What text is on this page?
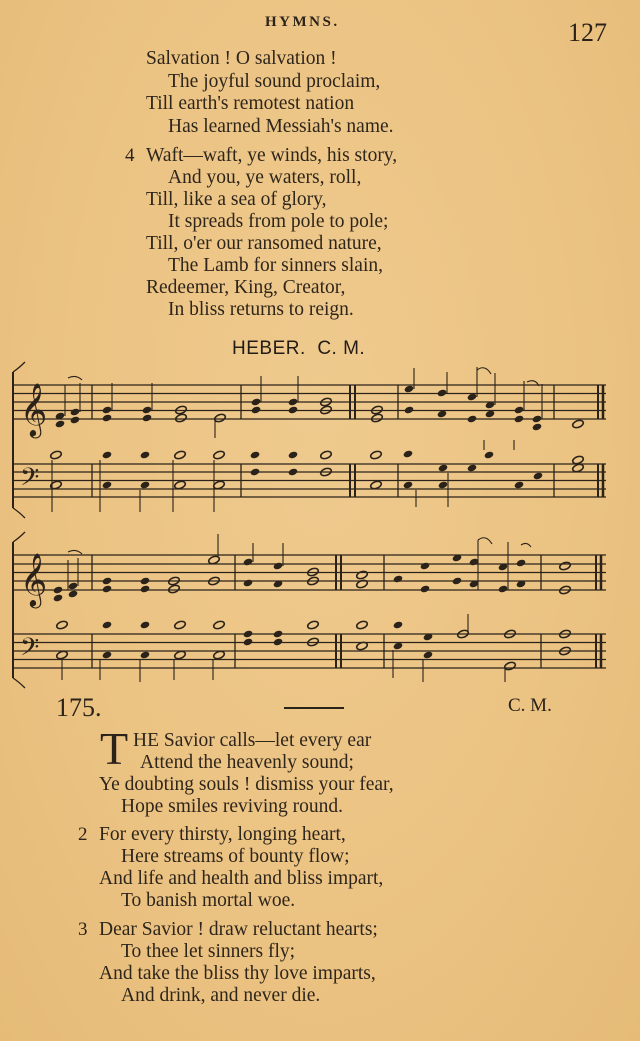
HYMNS.	127
Salvation ! O salvation !
The joyful sound proclaim,
Till earth's remotest nation
Has learned Messiah's name.
4 Waft—waft, ye winds, his story,
And you, ye waters, roll,
Till, like a sea of glory,
It spreads from pole to pole;
Till, o'er our ransomed nature,
The Lamb for sinners slain,
Redeemer, King, Creator,
In bliss returns to reign.
HEBER. C. M.
𝄞
𝄢
𝄞
𝄢
175.	C. M.
T HE Savior calls—let every ear
Attend the heavenly sound;
Ye doubting souls ! dismiss your fear,
Hope smiles reviving round.
2 For every thirsty, longing heart,
Here streams of bounty flow;
And life and health and bliss impart,
To banish mortal woe.
3 Dear Savior ! draw reluctant hearts;
To thee let sinners fly;
And take the bliss thy love imparts,
And drink, and never die.
